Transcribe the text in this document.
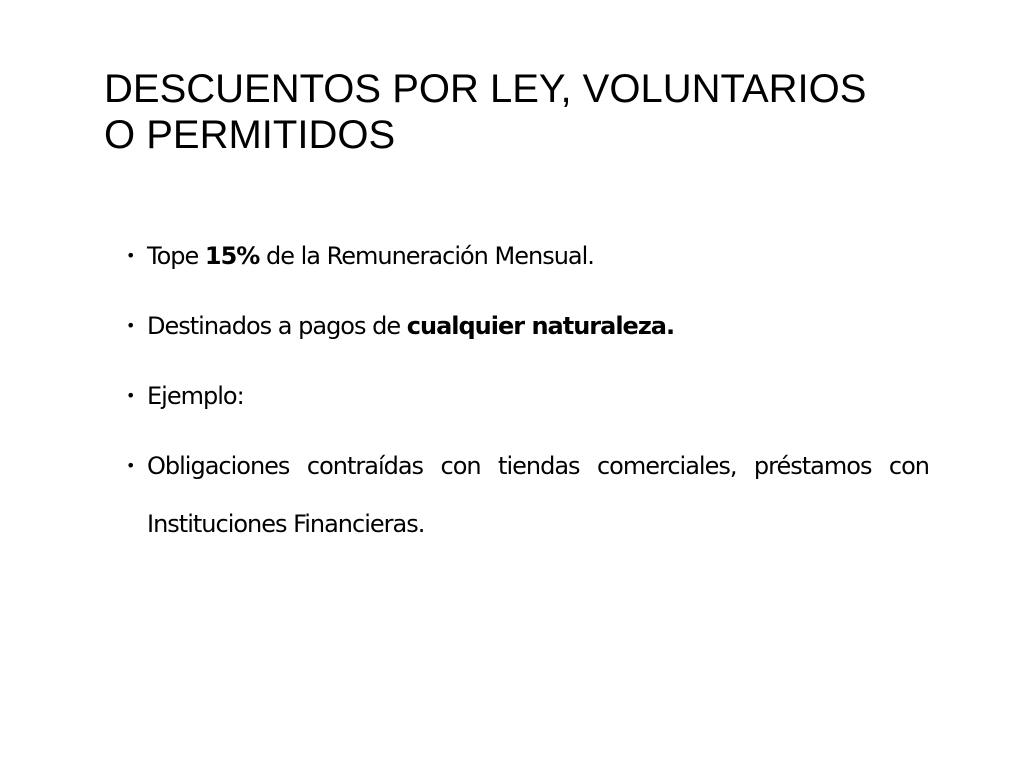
DESCUENTOS POR LEY, VOLUNTARIOS
O PERMITIDOS
• Tope 15% de la Remuneración Mensual.
• Destinados a pagos de cualquier naturaleza.
• Ejemplo:
• Obligaciones contraídas con tiendas comerciales, préstamos con Instituciones Financieras.
